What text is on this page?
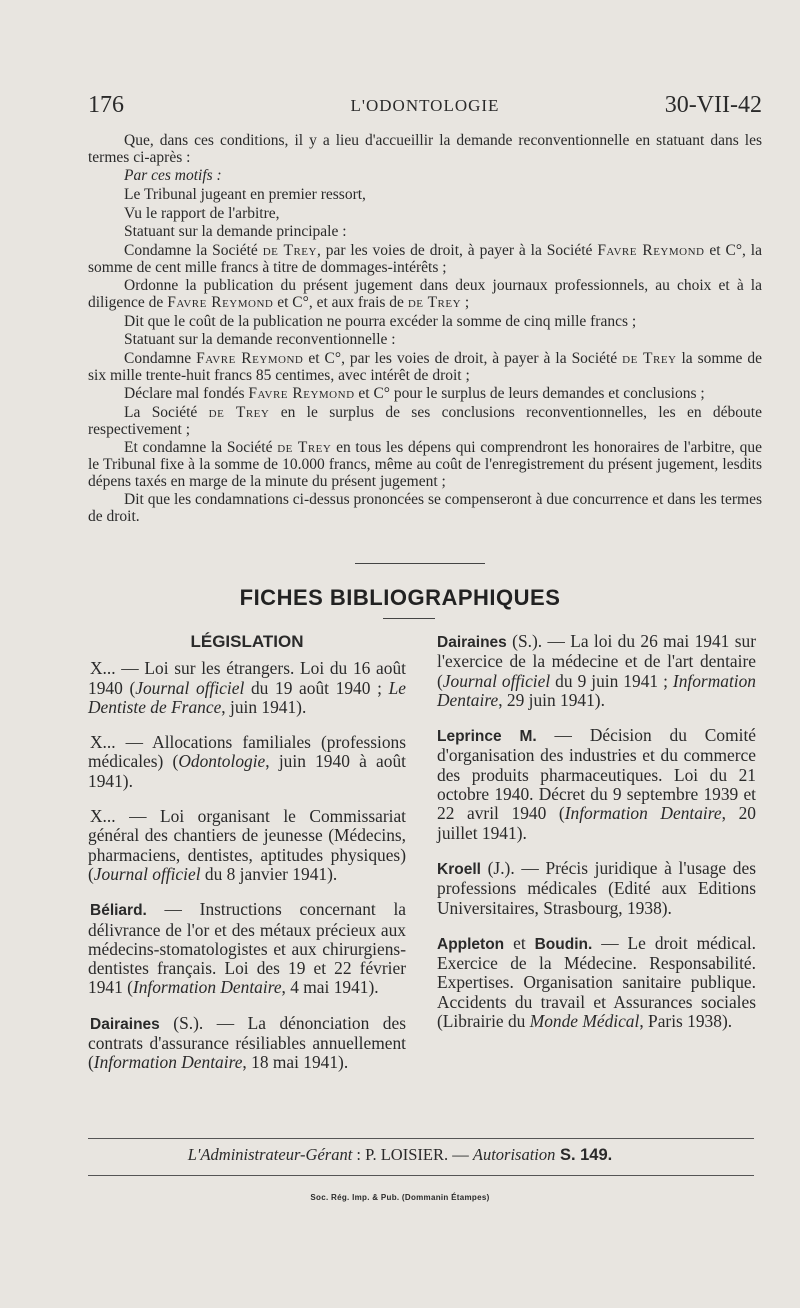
176	L'ODONTOLOGIE	30-VII-42

Que, dans ces conditions, il y a lieu d'accueillir la demande reconventionnelle en statuant dans les termes ci-après :

Par ces motifs :

Le Tribunal jugeant en premier ressort,

Vu le rapport de l'arbitre,

Statuant sur la demande principale :

Condamne la Société de Trey, par les voies de droit, à payer à la Société Favre Reymond et C°, la somme de cent mille francs à titre de dommages-intérêts ;

Ordonne la publication du présent jugement dans deux journaux professionnels, au choix et à la diligence de Favre Reymond et C°, et aux frais de de Trey ;

Dit que le coût de la publication ne pourra excéder la somme de cinq mille francs ;

Statuant sur la demande reconventionnelle :

Condamne Favre Reymond et C°, par les voies de droit, à payer à la Société de Trey la somme de six mille trente-huit francs 85 centimes, avec intérêt de droit ;

Déclare mal fondés Favre Reymond et C° pour le surplus de leurs demandes et conclusions ;

La Société de Trey en le surplus de ses conclusions reconventionnelles, les en déboute respectivement ;

Et condamne la Société de Trey en tous les dépens qui comprendront les honoraires de l'arbitre, que le Tribunal fixe à la somme de 10.000 francs, même au coût de l'enregistrement du présent jugement, lesdits dépens taxés en marge de la minute du présent jugement ;

Dit que les condamnations ci-dessus prononcées se compenseront à due concurrence et dans les termes de droit.

FICHES BIBLIOGRAPHIQUES
LÉGISLATION

X... — Loi sur les étrangers. Loi du 16 août 1940 (Journal officiel du 19 août 1940 ; Le Dentiste de France, juin 1941).

X... — Allocations familiales (professions médicales) (Odontologie, juin 1940 à août 1941).

X... — Loi organisant le Commissariat général des chantiers de jeunesse (Médecins, pharmaciens, dentistes, aptitudes physiques) (Journal officiel du 8 janvier 1941).

Béliard. — Instructions concernant la délivrance de l'or et des métaux précieux aux médecins-stomatologistes et aux chirurgiens-dentistes français. Loi des 19 et 22 février 1941 (Information Dentaire, 4 mai 1941).

Dairaines (S.). — La dénonciation des contrats d'assurance résiliables annuellement (Information Dentaire, 18 mai 1941).

Dairaines (S.). — La loi du 26 mai 1941 sur l'exercice de la médecine et de l'art dentaire (Journal officiel du 9 juin 1941 ; Information Dentaire, 29 juin 1941).

Leprince M. — Décision du Comité d'organisation des industries et du commerce des produits pharmaceutiques. Loi du 21 octobre 1940. Décret du 9 septembre 1939 et 22 avril 1940 (Information Dentaire, 20 juillet 1941).

Kroell (J.). — Précis juridique à l'usage des professions médicales (Edité aux Editions Universitaires, Strasbourg, 1938).

Appleton et Boudin. — Le droit médical. Exercice de la Médecine. Responsabilité. Expertises. Organisation sanitaire publique. Accidents du travail et Assurances sociales (Librairie du Monde Médical, Paris 1938).

L'Administrateur-Gérant : P. LOISIER. — Autorisation S. 149.
Soc. Rég. Imp. & Pub. (Dommanin Étampes)
